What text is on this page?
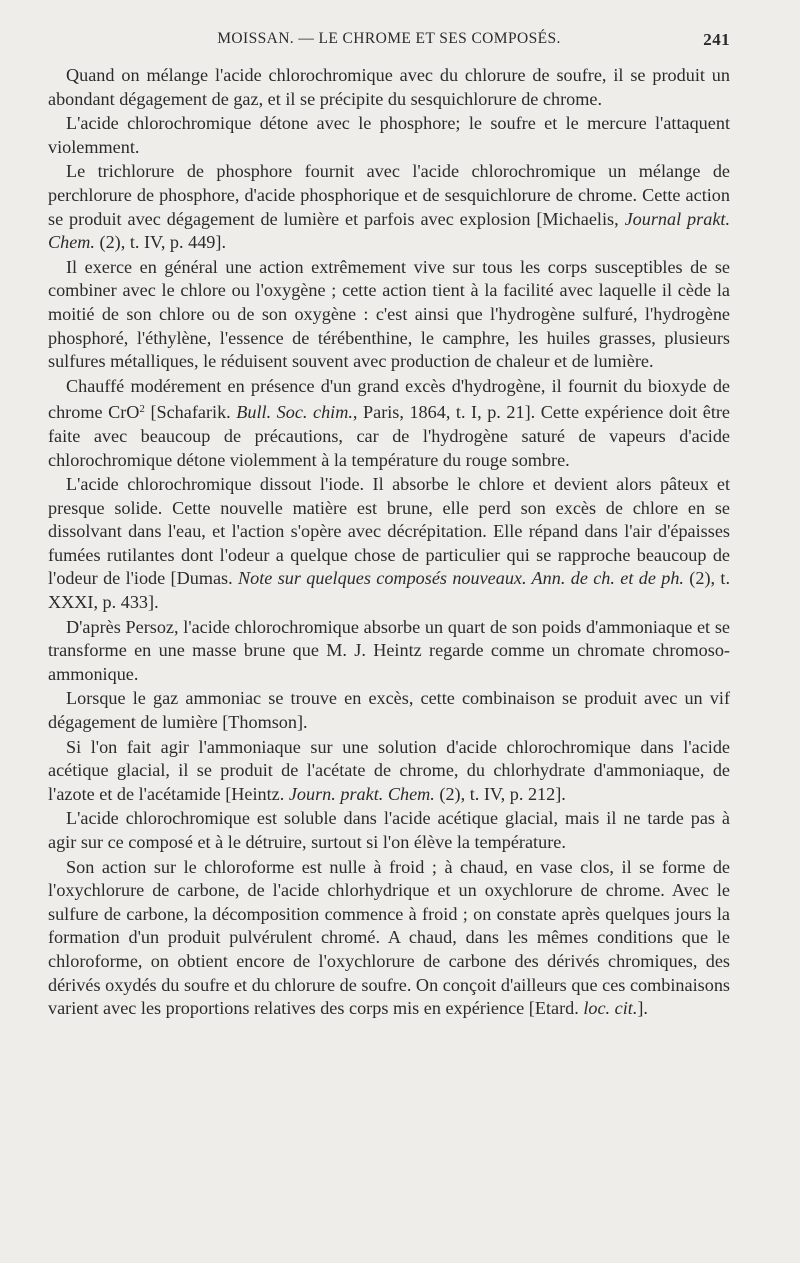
MOISSAN. — LE CHROME ET SES COMPOSÉS.	241

Quand on mélange l'acide chlorochromique avec du chlorure de soufre, il se produit un abondant dégagement de gaz, et il se précipite du sesquichlorure de chrome.

L'acide chlorochromique détone avec le phosphore; le soufre et le mercure l'attaquent violemment.

Le trichlorure de phosphore fournit avec l'acide chlorochromique un mélange de perchlorure de phosphore, d'acide phosphorique et de sesquichlorure de chrome. Cette action se produit avec dégagement de lumière et parfois avec explosion [Michaelis, Journal prakt. Chem. (2), t. IV, p. 449].

Il exerce en général une action extrêmement vive sur tous les corps susceptibles de se combiner avec le chlore ou l'oxygène ; cette action tient à la facilité avec laquelle il cède la moitié de son chlore ou de son oxygène : c'est ainsi que l'hydrogène sulfuré, l'hydrogène phosphoré, l'éthylène, l'essence de térébenthine, le camphre, les huiles grasses, plusieurs sulfures métalliques, le réduisent souvent avec production de chaleur et de lumière.

Chauffé modérement en présence d'un grand excès d'hydrogène, il fournit du bioxyde de chrome CrO$^2$ [Schafarik. Bull. Soc. chim., Paris, 1864, t. I, p. 21]. Cette expérience doit être faite avec beaucoup de précautions, car de l'hydrogène saturé de vapeurs d'acide chlorochromique détone violemment à la température du rouge sombre.

L'acide chlorochromique dissout l'iode. Il absorbe le chlore et devient alors pâteux et presque solide. Cette nouvelle matière est brune, elle perd son excès de chlore en se dissolvant dans l'eau, et l'action s'opère avec décrépitation. Elle répand dans l'air d'épaisses fumées rutilantes dont l'odeur a quelque chose de particulier qui se rapproche beaucoup de l'odeur de l'iode [Dumas. Note sur quelques composés nouveaux. Ann. de ch. et de ph. (2), t. XXXI, p. 433].

D'après Persoz, l'acide chlorochromique absorbe un quart de son poids d'ammoniaque et se transforme en une masse brune que M. J. Heintz regarde comme un chromate chromoso-ammonique.

Lorsque le gaz ammoniac se trouve en excès, cette combinaison se produit avec un vif dégagement de lumière [Thomson].

Si l'on fait agir l'ammoniaque sur une solution d'acide chlorochromique dans l'acide acétique glacial, il se produit de l'acétate de chrome, du chlorhydrate d'ammoniaque, de l'azote et de l'acétamide [Heintz. Journ. prakt. Chem. (2), t. IV, p. 212].

L'acide chlorochromique est soluble dans l'acide acétique glacial, mais il ne tarde pas à agir sur ce composé et à le détruire, surtout si l'on élève la température.

Son action sur le chloroforme est nulle à froid ; à chaud, en vase clos, il se forme de l'oxychlorure de carbone, de l'acide chlorhydrique et un oxychlorure de chrome. Avec le sulfure de carbone, la décomposition commence à froid ; on constate après quelques jours la formation d'un produit pulvérulent chromé. A chaud, dans les mêmes conditions que le chloroforme, on obtient encore de l'oxychlorure de carbone des dérivés chromiques, des dérivés oxydés du soufre et du chlorure de soufre. On conçoit d'ailleurs que ces combinaisons varient avec les proportions relatives des corps mis en expérience [Etard. loc. cit.].
